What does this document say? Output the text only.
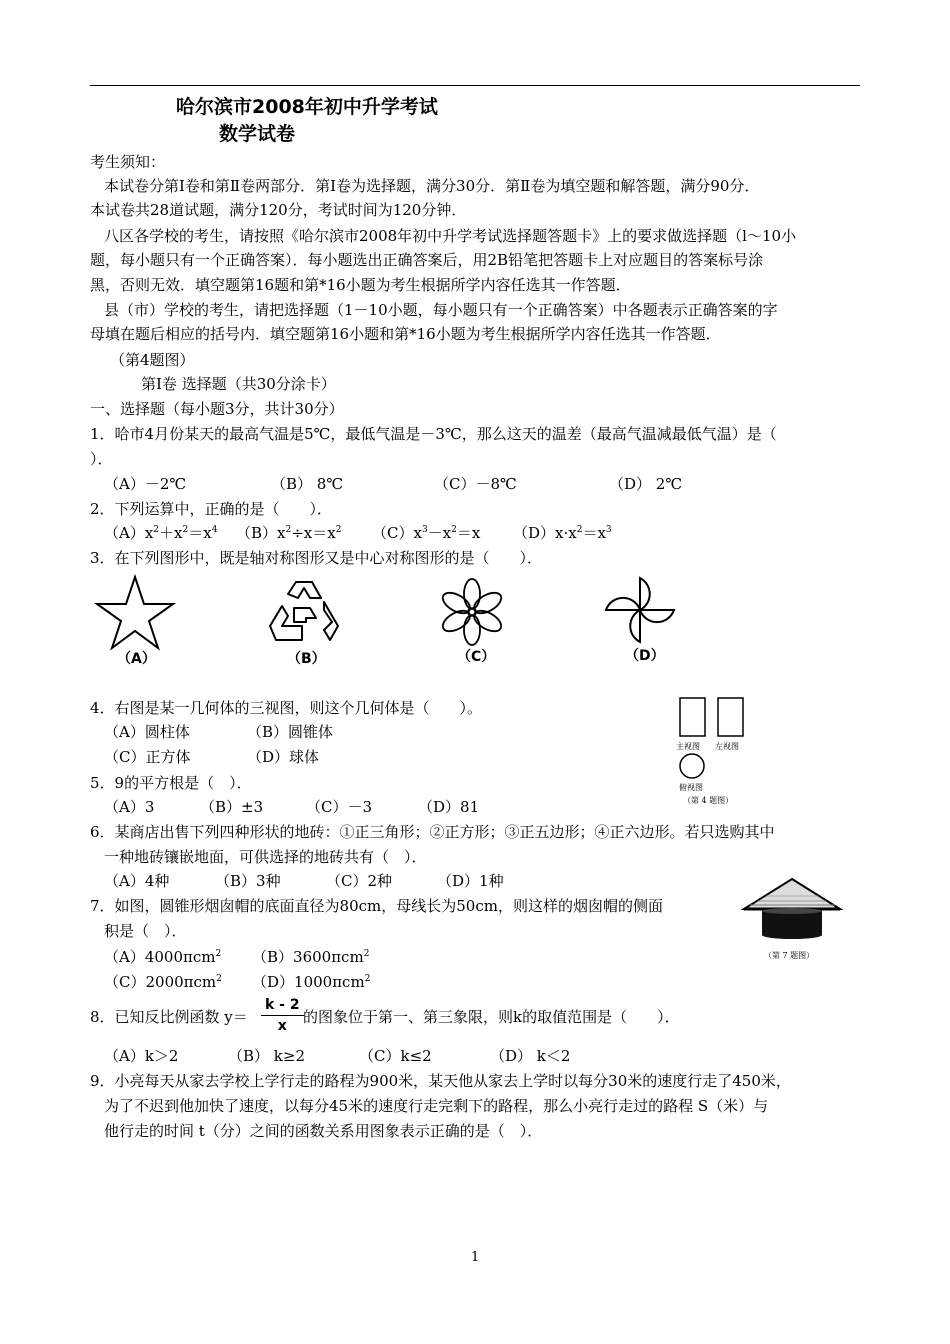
哈尔滨市2008年初中升学考试
数学试卷
考生须知：
本试卷分第Ⅰ卷和第Ⅱ卷两部分．第Ⅰ卷为选择题，满分30分．第Ⅱ卷为填空题和解答题，满分90分．
本试卷共28道试题，满分120分，考试时间为120分钟．
八区各学校的考生，请按照《哈尔滨市2008年初中升学考试选择题答题卡》上的要求做选择题（l～10小
题，每小题只有一个正确答案）．每小题选出正确答案后，用2B铅笔把答题卡上对应题目的答案标号涂
黑，否则无效．填空题第16题和第*16小题为考生根据所学内容任选其一作答题．
县（市）学校的考生，请把选择题（1－10小题，每小题只有一个正确答案）中各题表示正确答案的字
母填在题后相应的括号内．填空题第16小题和第*16小题为考生根据所学内容任选其一作答题．
（第4题图）
第Ⅰ卷 选择题（共30分涂卡）
一、选择题（每小题3分，共计30分）
1．哈市4月份某天的最高气温是5℃，最低气温是－3℃，那么这天的温差（最高气温减最低气温）是（
）．
（A）－2℃	（B） 8℃	（C）－8℃	（D） 2℃
2．下列运算中，正确的是（　　）．
$(A)x^2+x^2=x^4$ $(B)x^2\div x=x^2$ $(C)x^3-x^2=x$ $(D)x\cdot x^2=x^3$
3．在下列图形中，既是轴对称图形又是中心对称图形的是（　　）．
（A）	（B）	（C）	（D）
4．右图是某一几何体的三视图，则这个几何体是（　　）。
（A）圆柱体	（B）圆锥体
（C）正方体	（D）球体
主视图 左视图
俯视图
（第 4 题图）
5．9的平方根是（　）．
（A）3	（B）±3	（C）－3	（D）81
6．某商店出售下列四种形状的地砖：①正三角形；②正方形；③正五边形；④正六边形。若只选购其中
一种地砖镶嵌地面，可供选择的地砖共有（　）．
（A）4种	（B）3种	（C）2种	（D）1种
7．如图，圆锥形烟囱帽的底面直径为80cm，母线长为50cm，则这样的烟囱帽的侧面
积是（　）．
（A）4000πcm$^2$ （B）3600πcm$^2$
（C）2000πcm$^2$ （D）1000πcm$^2$
（第 7 题图）
8．已知反比例函数 $y= \frac{k - 2}{x}$ 的图象位于第一、第三象限，则k的取值范围是（　　）．
（A）k＞2	（B） k≥2	（C）k≤2	（D） k＜2
9．小亮每天从家去学校上学行走的路程为900米，某天他从家去上学时以每分30米的速度行走了450米，
为了不迟到他加快了速度，以每分45米的速度行走完剩下的路程，那么小亮行走过的路程 S（米）与
他行走的时间 t（分）之间的函数关系用图象表示正确的是（　）．
1
